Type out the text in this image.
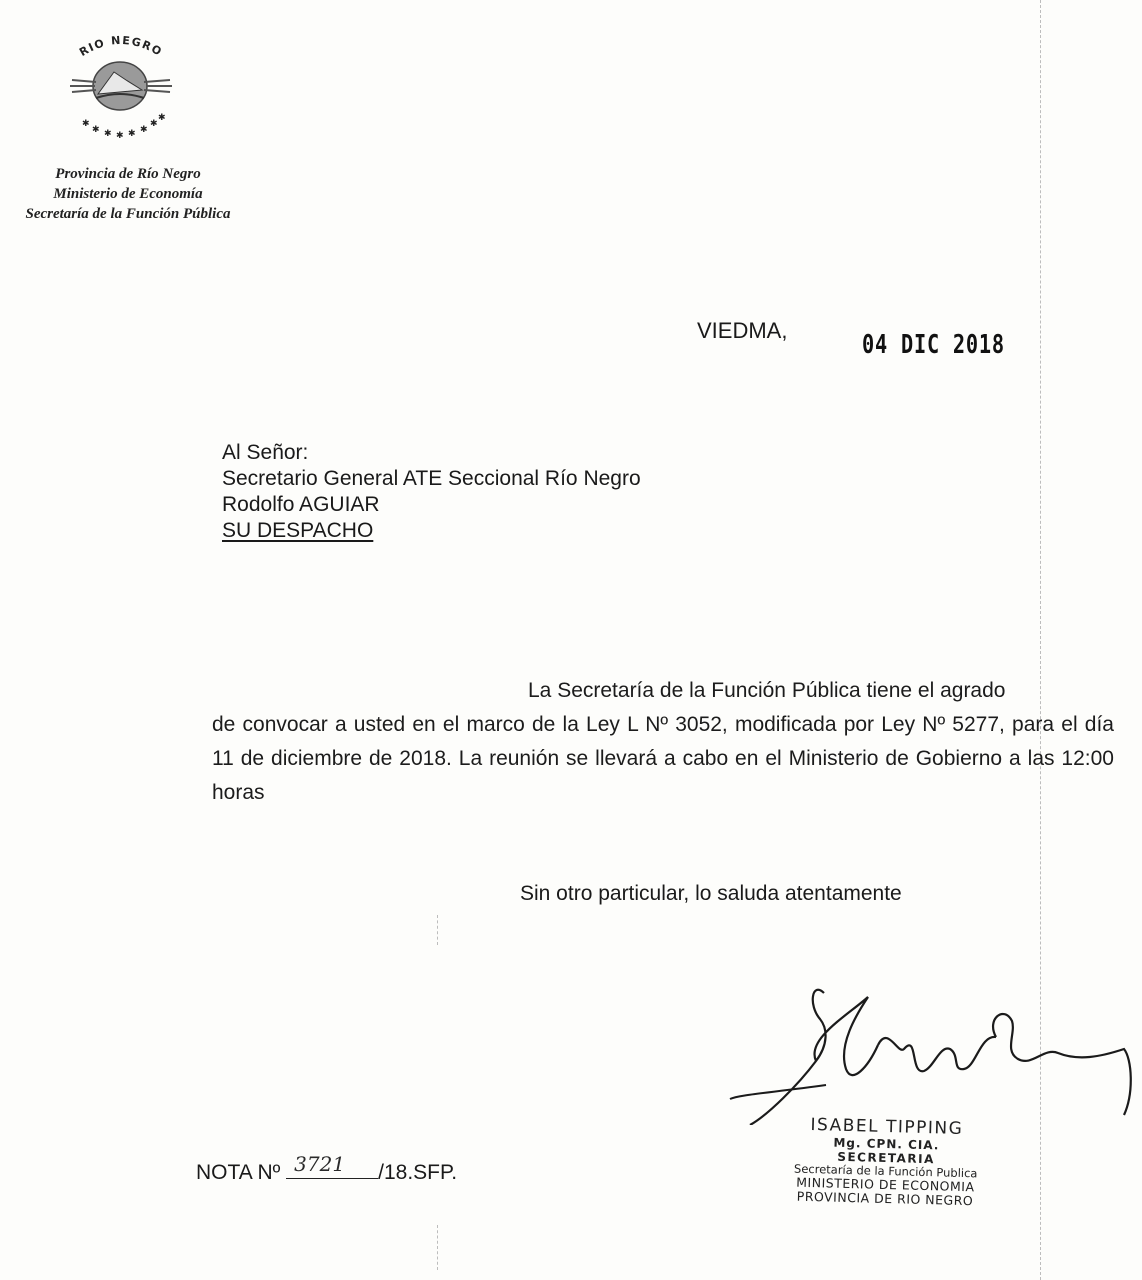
RIO NEGRO
✱
✱ ✱ ✱ ✱ ✱
✱
✱
Provincia de Río Negro
Ministerio de Economía
Secretaría de la Función Pública
VIEDMA,	04 DIC 2018
Al Señor:
Secretario General ATE Seccional Río Negro
Rodolfo AGUIAR
SU DESPACHO

La Secretaría de la Función Pública tiene el agrado

de convocar a usted en el marco de la Ley L Nº 3052, modificada por Ley Nº 5277, para el día 11 de diciembre de 2018. La reunión se llevará a cabo en el Ministerio de Gobierno a las 12:00 horas

Sin otro particular, lo saluda atentamente
ISABEL TIPPING
Mg. CPN. CIA.
SECRETARIA
Secretaría de la Función Publica
MINISTERIO DE ECONOMIA
PROVINCIA DE RIO NEGRO
NOTA Nº 3721 /18.SFP.
